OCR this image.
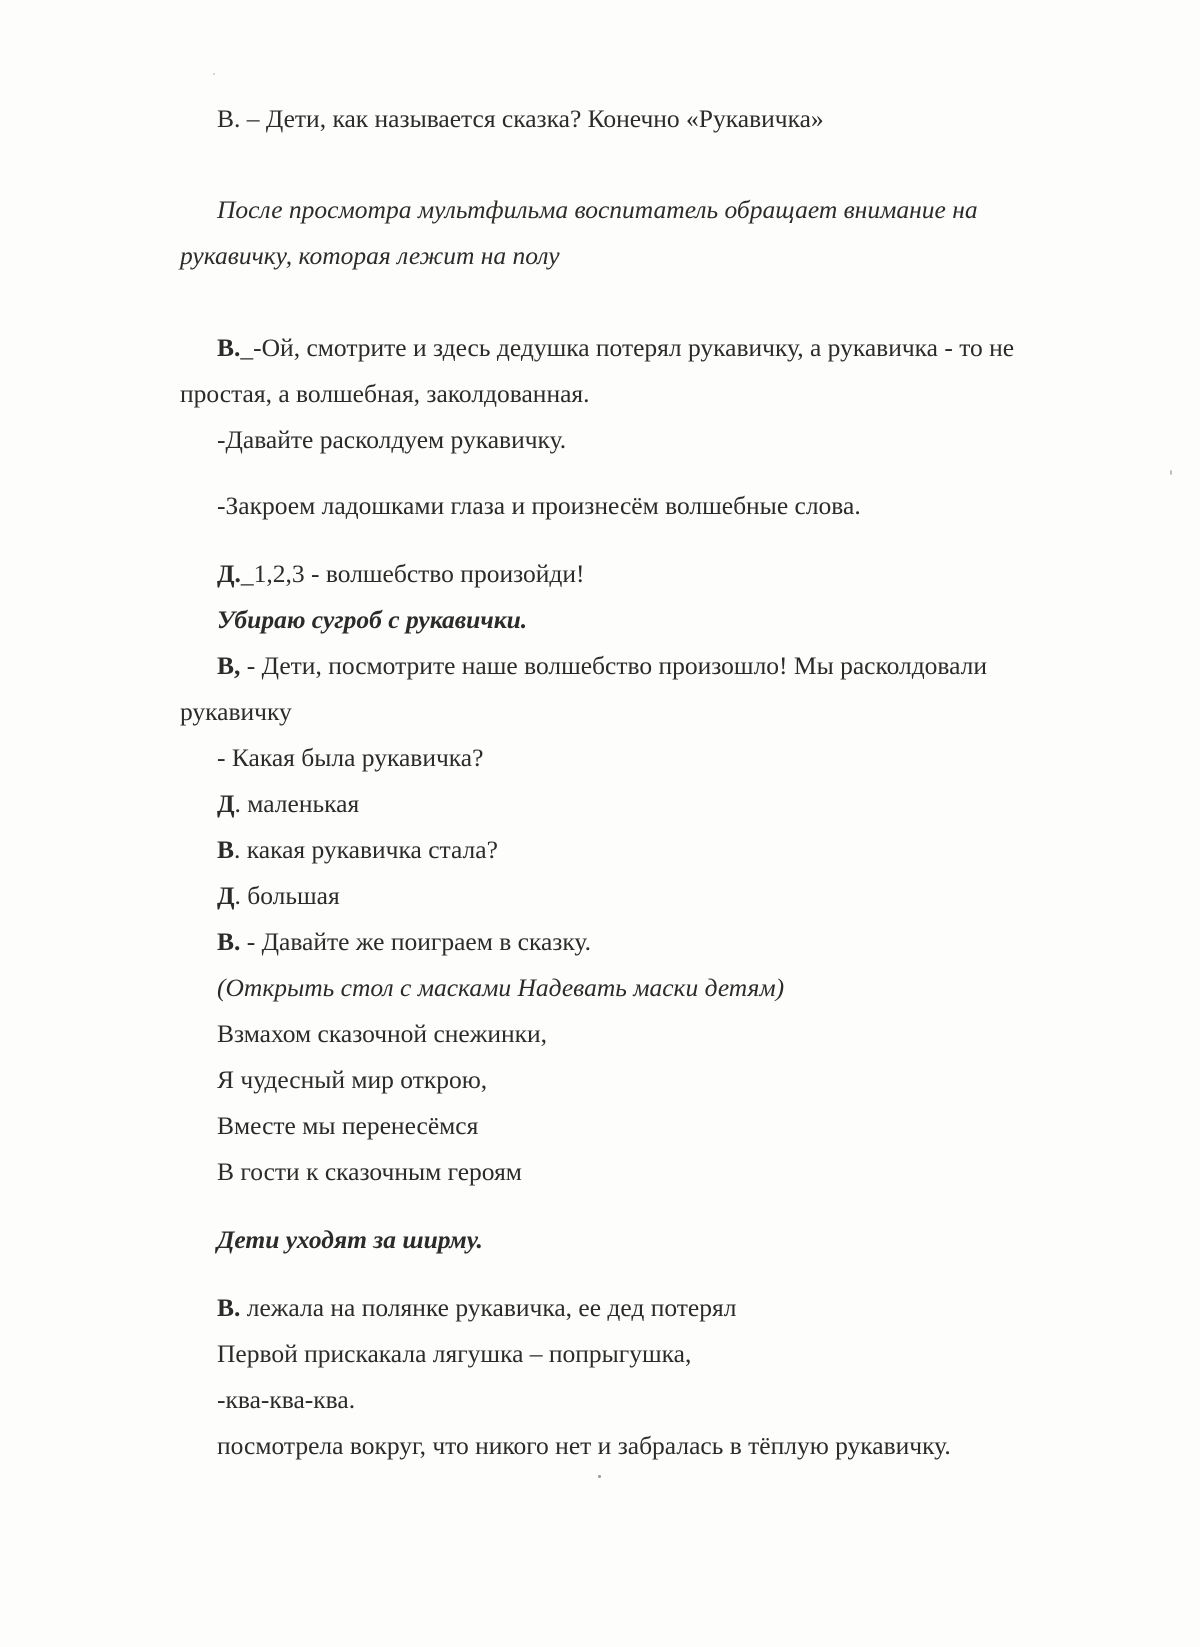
В. – Дети, как называется сказка? Конечно «Рукавичка»
После просмотра мультфильма воспитатель обращает внимание на
рукавичку, которая лежит на полу
В._-Ой, смотрите и здесь дедушка потерял рукавичку, а рукавичка - то не
простая, а волшебная, заколдованная.
-Давайте расколдуем рукавичку.
-Закроем ладошками глаза и произнесём волшебные слова.
Д._1,2,3 - волшебство произойди!
Убираю сугроб с рукавички.
В, - Дети, посмотрите наше волшебство произошло! Мы расколдовали
рукавичку
- Какая была рукавичка?
Д. маленькая
В. какая рукавичка стала?
Д. большая
В. - Давайте же поиграем в сказку.
(Открыть стол с масками Надевать маски детям)
Взмахом сказочной снежинки,
Я чудесный мир открою,
Вместе мы перенесёмся
В гости к сказочным героям
Дети уходят за ширму.
В. лежала на полянке рукавичка, ее дед потерял
Первой прискакала лягушка – попрыгушка,
-ква-ква-ква.
посмотрела вокруг, что никого нет и забралась в тёплую рукавичку.
